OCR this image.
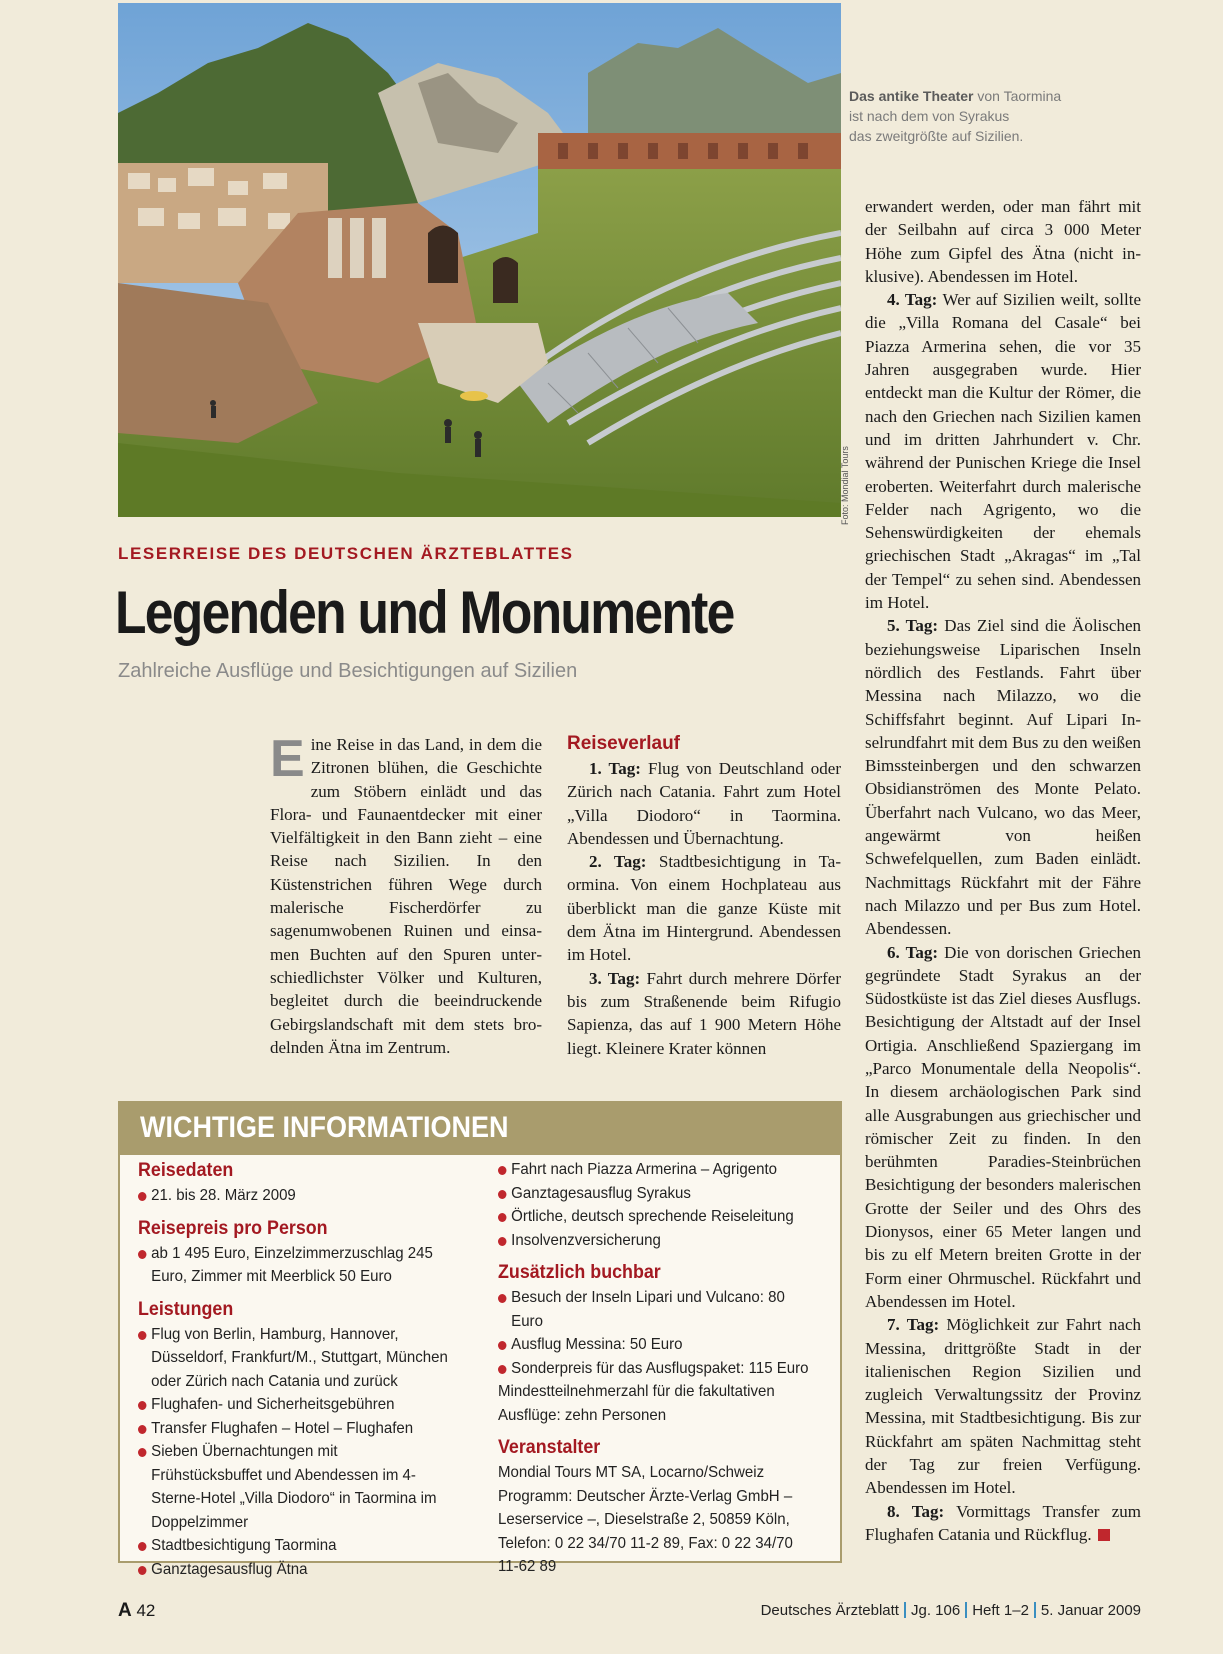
Foto: Mondial Tours
Das antike Theater von Taormina
ist nach dem von Syrakus
das zweitgrößte auf Sizilien.
LESERREISE DES DEUTSCHEN ÄRZTEBLATTES
Legenden und Monumente
Zahlreiche Ausflüge und Besichtigungen auf Sizilien
Eine Reise in das Land, in dem die Zitronen blühen, die Geschichte zum Stöbern einlädt und das Flora- und Faunaentdecker mit einer Vielfältigkeit in den Bann zieht – eine Reise nach Sizilien. In den Küstenstrichen führen Wege durch malerische Fischerdörfer zu sagenumwobenen Ruinen und einsamen Buchten auf den Spuren unterschiedlichster Völker und Kulturen, begleitet durch die beeindruckende Gebirgslandschaft mit dem stets brodelnden Ätna im Zentrum.
Reiseverlauf

1. Tag: Flug von Deutschland oder Zürich nach Catania. Fahrt zum Hotel „Villa Diodoro“ in Taormina. Abendessen und Übernachtung.

2. Tag: Stadtbesichtigung in Taormina. Von einem Hochplateau aus überblickt man die ganze Küste mit dem Ätna im Hintergrund. Abendessen im Hotel.

3. Tag: Fahrt durch mehrere Dörfer bis zum Straßenende beim Rifugio Sapienza, das auf 1 900 Metern Höhe liegt. Kleinere Krater können

erwandert werden, oder man fährt mit der Seilbahn auf circa 3 000 Meter Höhe zum Gipfel des Ätna (nicht inklusive). Abendessen im Hotel.

4. Tag: Wer auf Sizilien weilt, sollte die „Villa Romana del Casale“ bei Piazza Armerina sehen, die vor 35 Jahren ausgegraben wurde. Hier entdeckt man die Kultur der Römer, die nach den Griechen nach Sizilien kamen und im dritten Jahrhundert v. Chr. während der Punischen Kriege die Insel eroberten. Weiterfahrt durch malerische Felder nach Agrigento, wo die Sehenswürdigkeiten der ehemals griechischen Stadt „Akragas“ im „Tal der Tempel“ zu sehen sind. Abendessen im Hotel.

5. Tag: Das Ziel sind die Äolischen beziehungsweise Liparischen Inseln nördlich des Festlands. Fahrt über Messina nach Milazzo, wo die Schiffsfahrt beginnt. Auf Lipari Inselrundfahrt mit dem Bus zu den weißen Bimssteinbergen und den schwarzen Obsidianströmen des Monte Pelato. Überfahrt nach Vulcano, wo das Meer, angewärmt von heißen Schwefelquellen, zum Baden einlädt. Nachmittags Rückfahrt mit der Fähre nach Milazzo und per Bus zum Hotel. Abendessen.

6. Tag: Die von dorischen Griechen gegründete Stadt Syrakus an der Südostküste ist das Ziel dieses Ausflugs. Besichtigung der Altstadt auf der Insel Ortigia. Anschließend Spaziergang im „Parco Monumentale della Neopolis“. In diesem archäologischen Park sind alle Ausgrabungen aus griechischer und römischer Zeit zu finden. In den berühmten Paradies-Steinbrüchen Besichtigung der besonders malerischen Grotte der Seiler und des Ohrs des Dionysos, einer 65 Meter langen und bis zu elf Metern breiten Grotte in der Form einer Ohrmuschel. Rückfahrt und Abendessen im Hotel.

7. Tag: Möglichkeit zur Fahrt nach Messina, drittgrößte Stadt in der italienischen Region Sizilien und zugleich Verwaltungssitz der Provinz Messina, mit Stadtbesichtigung. Bis zur Rückfahrt am späten Nachmittag steht der Tag zur freien Verfügung. Abendessen im Hotel.

8. Tag: Vormittags Transfer zum Flughafen Catania und Rückflug.

WICHTIGE INFORMATIONEN
Reisedaten
21. bis 28. März 2009
Reisepreis pro Person
ab 1 495 Euro, Einzelzimmerzuschlag 245 Euro, Zimmer mit Meerblick 50 Euro
Leistungen
Flug von Berlin, Hamburg, Hannover, Düsseldorf, Frankfurt/M., Stuttgart, München oder Zürich nach Catania und zurück
Flughafen- und Sicherheitsgebühren
Transfer Flughafen – Hotel – Flughafen
Sieben Übernachtungen mit Frühstücksbuffet und Abendessen im 4-Sterne-Hotel „Villa Diodoro“ in Taormina im Doppelzimmer
Stadtbesichtigung Taormina
Ganztagesausflug Ätna
Fahrt nach Piazza Armerina – Agrigento
Ganztagesausflug Syrakus
Örtliche, deutsch sprechende Reiseleitung
Insolvenzversicherung
Zusätzlich buchbar
Besuch der Inseln Lipari und Vulcano: 80 Euro
Ausflug Messina: 50 Euro
Sonderpreis für das Ausflugspaket: 115 Euro
Mindestteilnehmerzahl für die fakultativen Ausflüge: zehn Personen
Veranstalter
Mondial Tours MT SA, Locarno/Schweiz Programm: Deutscher Ärzte-Verlag GmbH – Leserservice –, Dieselstraße 2, 50859 Köln, Telefon: 0 22 34/70 11-2 89, Fax: 0 22 34/70 11-62 89
A 42	Deutsches Ärzteblatt Jg. 106 Heft 1–2 5. Januar 2009
